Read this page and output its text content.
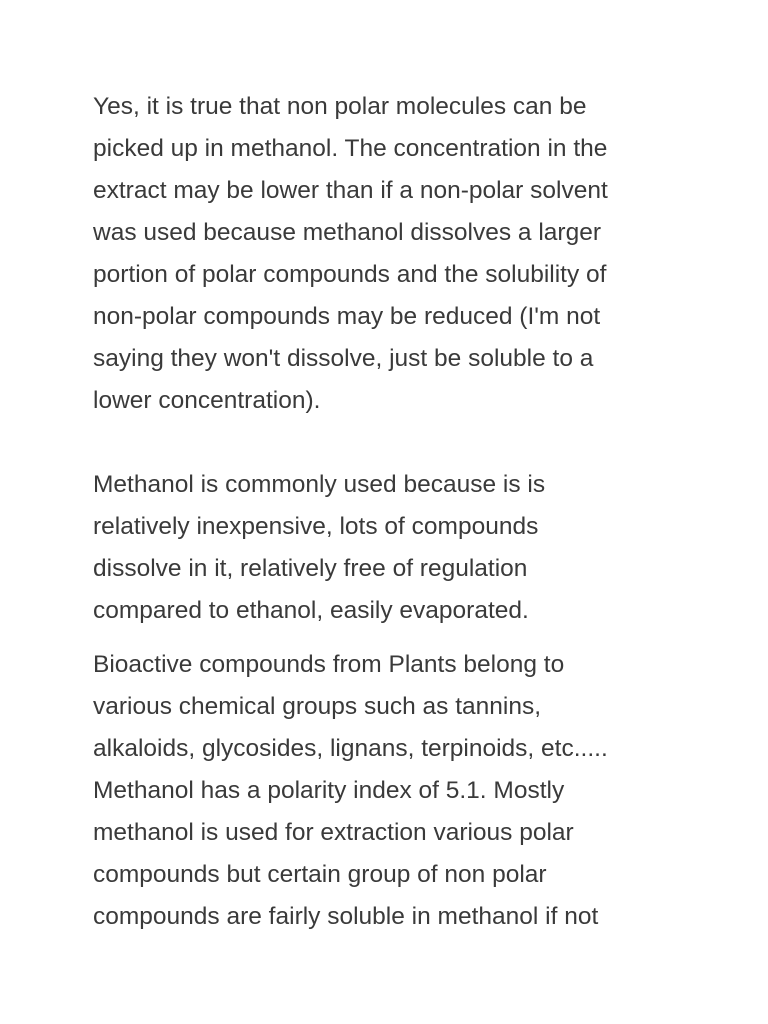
Yes, it is true that non polar molecules can be
picked up in methanol. The concentration in the
extract may be lower than if a non-polar solvent
was used because methanol dissolves a larger
portion of polar compounds and the solubility of
non-polar compounds may be reduced (I'm not
saying they won't dissolve, just be soluble to a
lower concentration).

Methanol is commonly used because is is
relatively inexpensive, lots of compounds
dissolve in it, relatively free of regulation
compared to ethanol, easily evaporated.

Bioactive compounds from Plants belong to
various chemical groups such as tannins,
alkaloids, glycosides, lignans, terpinoids, etc.....
Methanol has a polarity index of 5.1. Mostly
methanol is used for extraction various polar
compounds but certain group of non polar
compounds are fairly soluble in methanol if not
